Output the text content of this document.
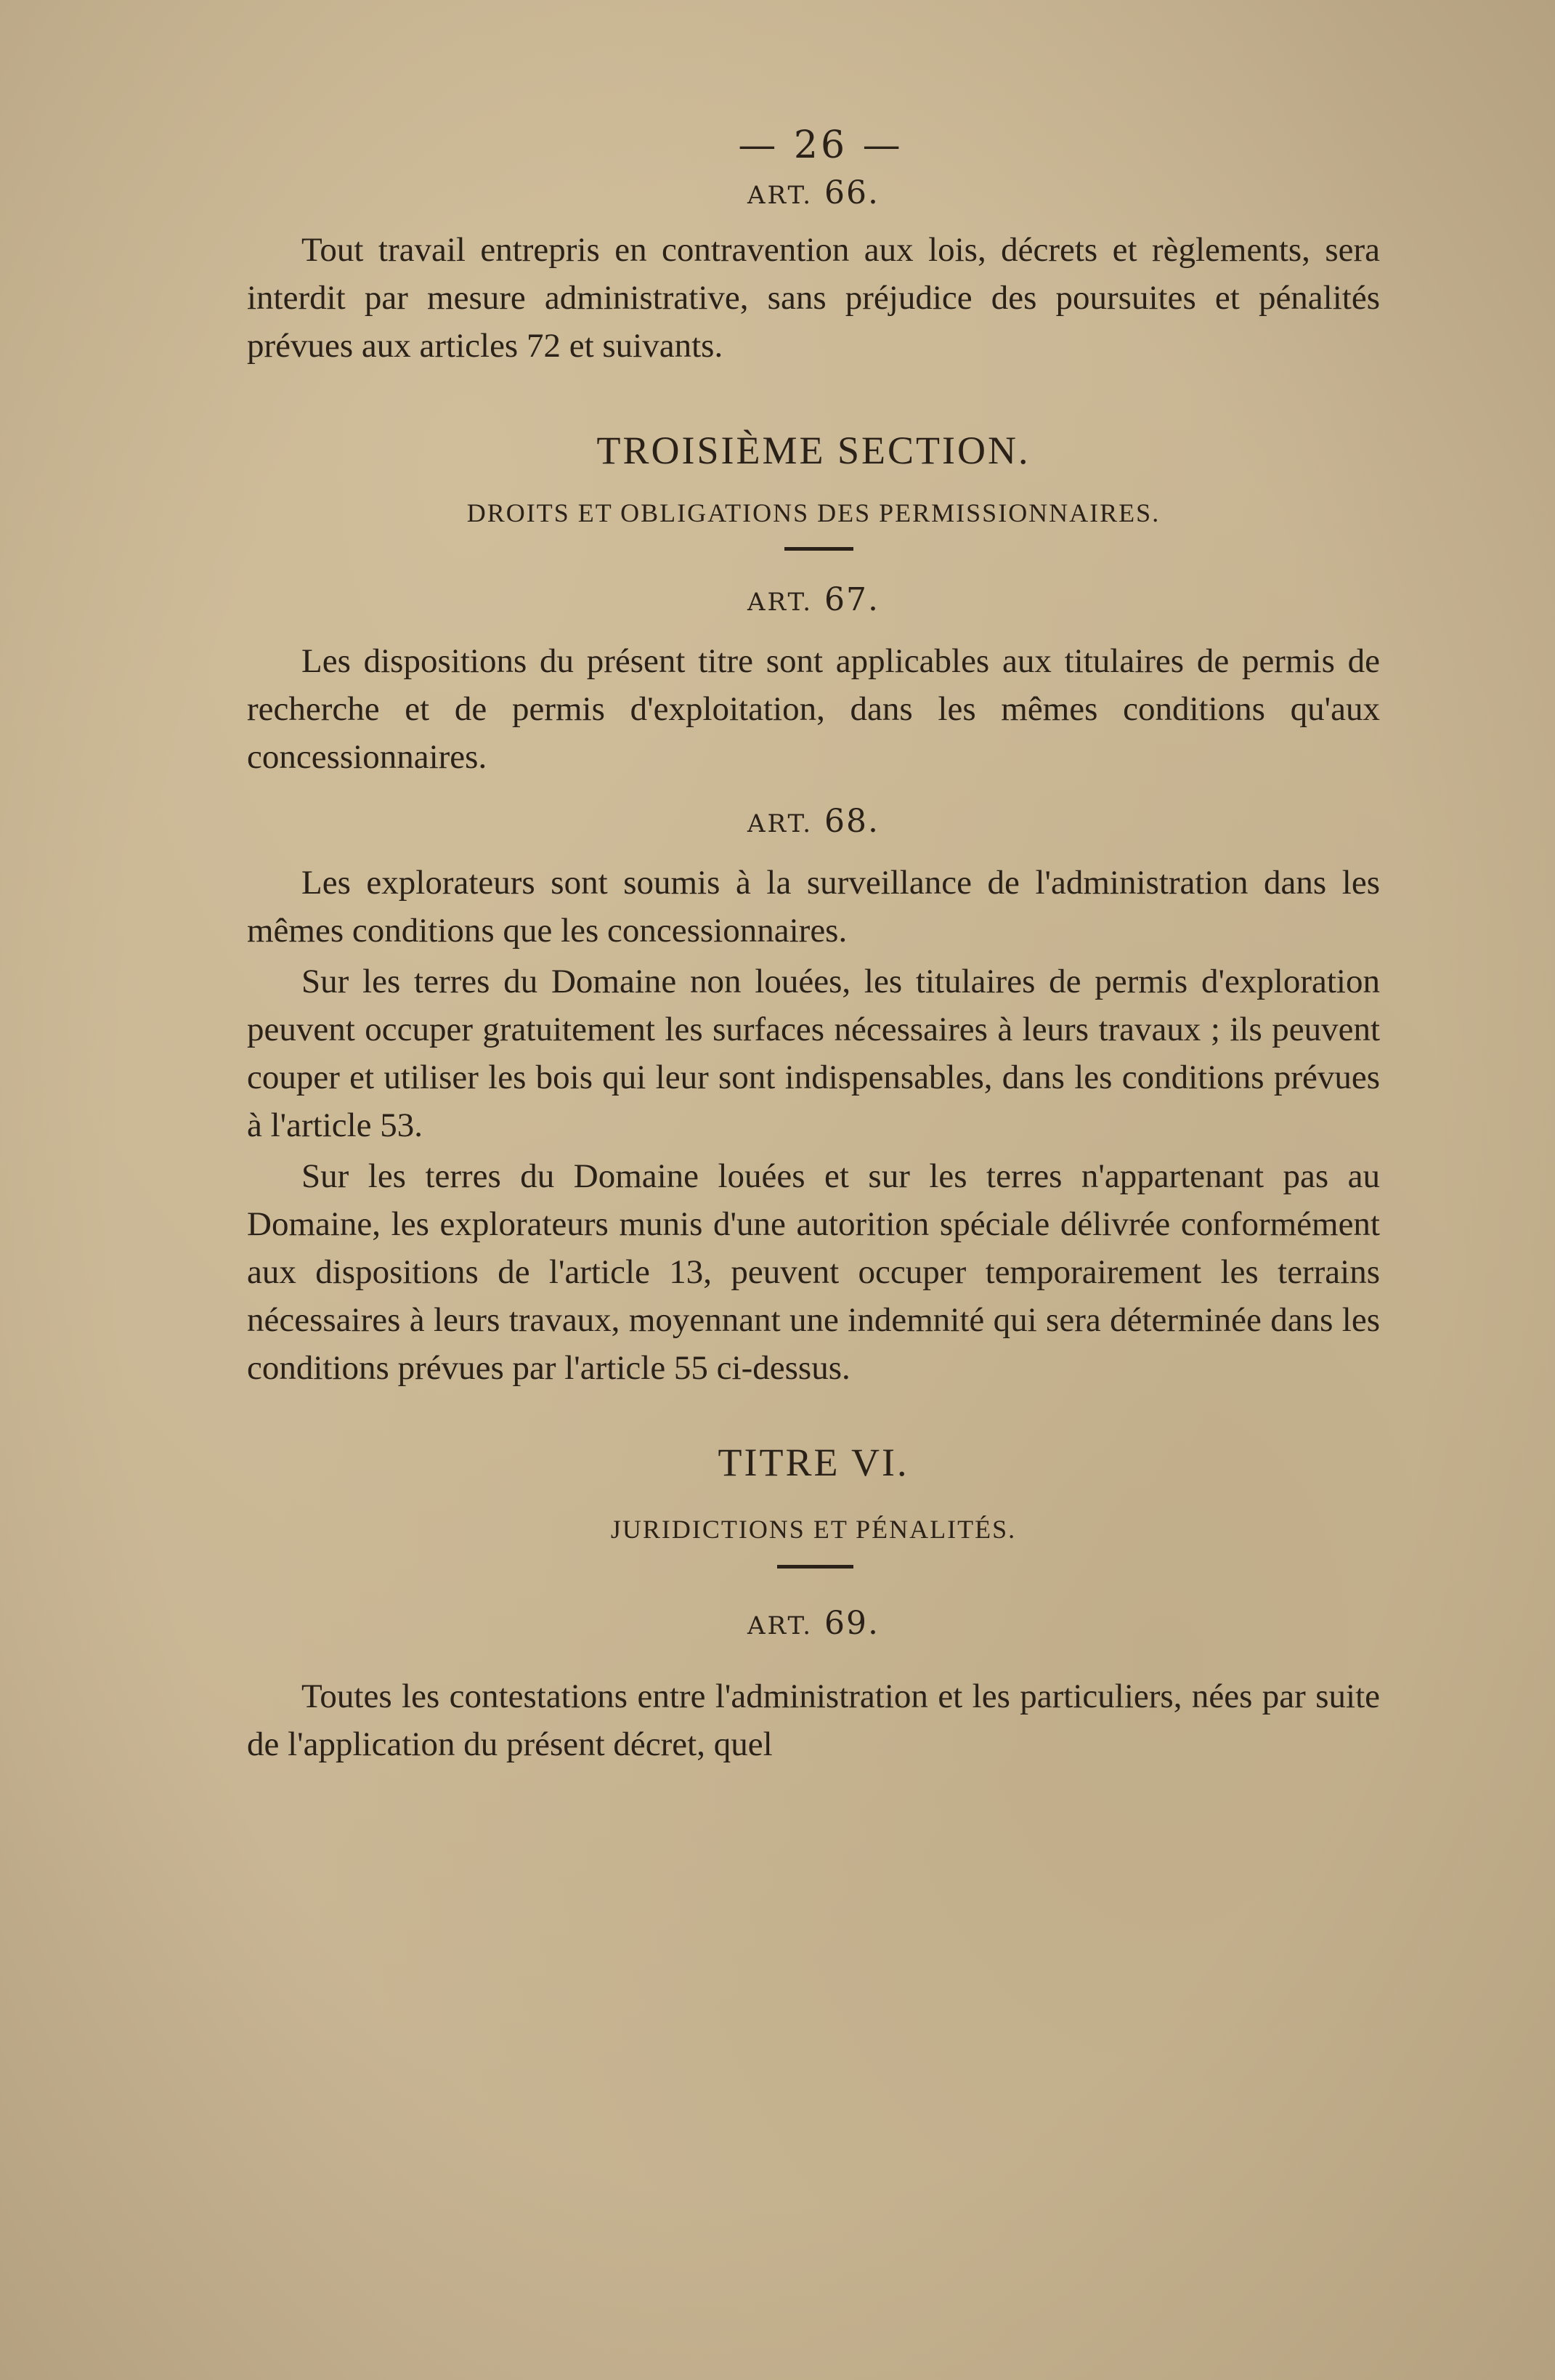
— 26 —
ART. 66.

Tout travail entrepris en contravention aux lois, décrets et règlements, sera interdit par mesure administrative, sans préjudice des poursuites et pénalités prévues aux articles 72 et suivants.

TROISIÈME SECTION.
DROITS ET OBLIGATIONS DES PERMISSIONNAIRES.
ART. 67.

Les dispositions du présent titre sont applicables aux titulaires de permis de recherche et de permis d'exploitation, dans les mêmes conditions qu'aux concessionnaires.

ART. 68.

Les explorateurs sont soumis à la surveillance de l'administration dans les mêmes conditions que les concessionnaires.

Sur les terres du Domaine non louées, les titulaires de permis d'exploration peuvent occuper gratuitement les surfaces nécessaires à leurs travaux ; ils peuvent couper et utiliser les bois qui leur sont indispensables, dans les conditions prévues à l'article 53.

Sur les terres du Domaine louées et sur les terres n'appartenant pas au Domaine, les explorateurs munis d'une autorition spéciale délivrée conformément aux dispositions de l'article 13, peuvent occuper temporairement les terrains nécessaires à leurs travaux, moyennant une indemnité qui sera déterminée dans les conditions prévues par l'article 55 ci-dessus.

TITRE VI.
JURIDICTIONS ET PÉNALITÉS.
ART. 69.

Toutes les contestations entre l'administration et les particuliers, nées par suite de l'application du présent décret, quel
